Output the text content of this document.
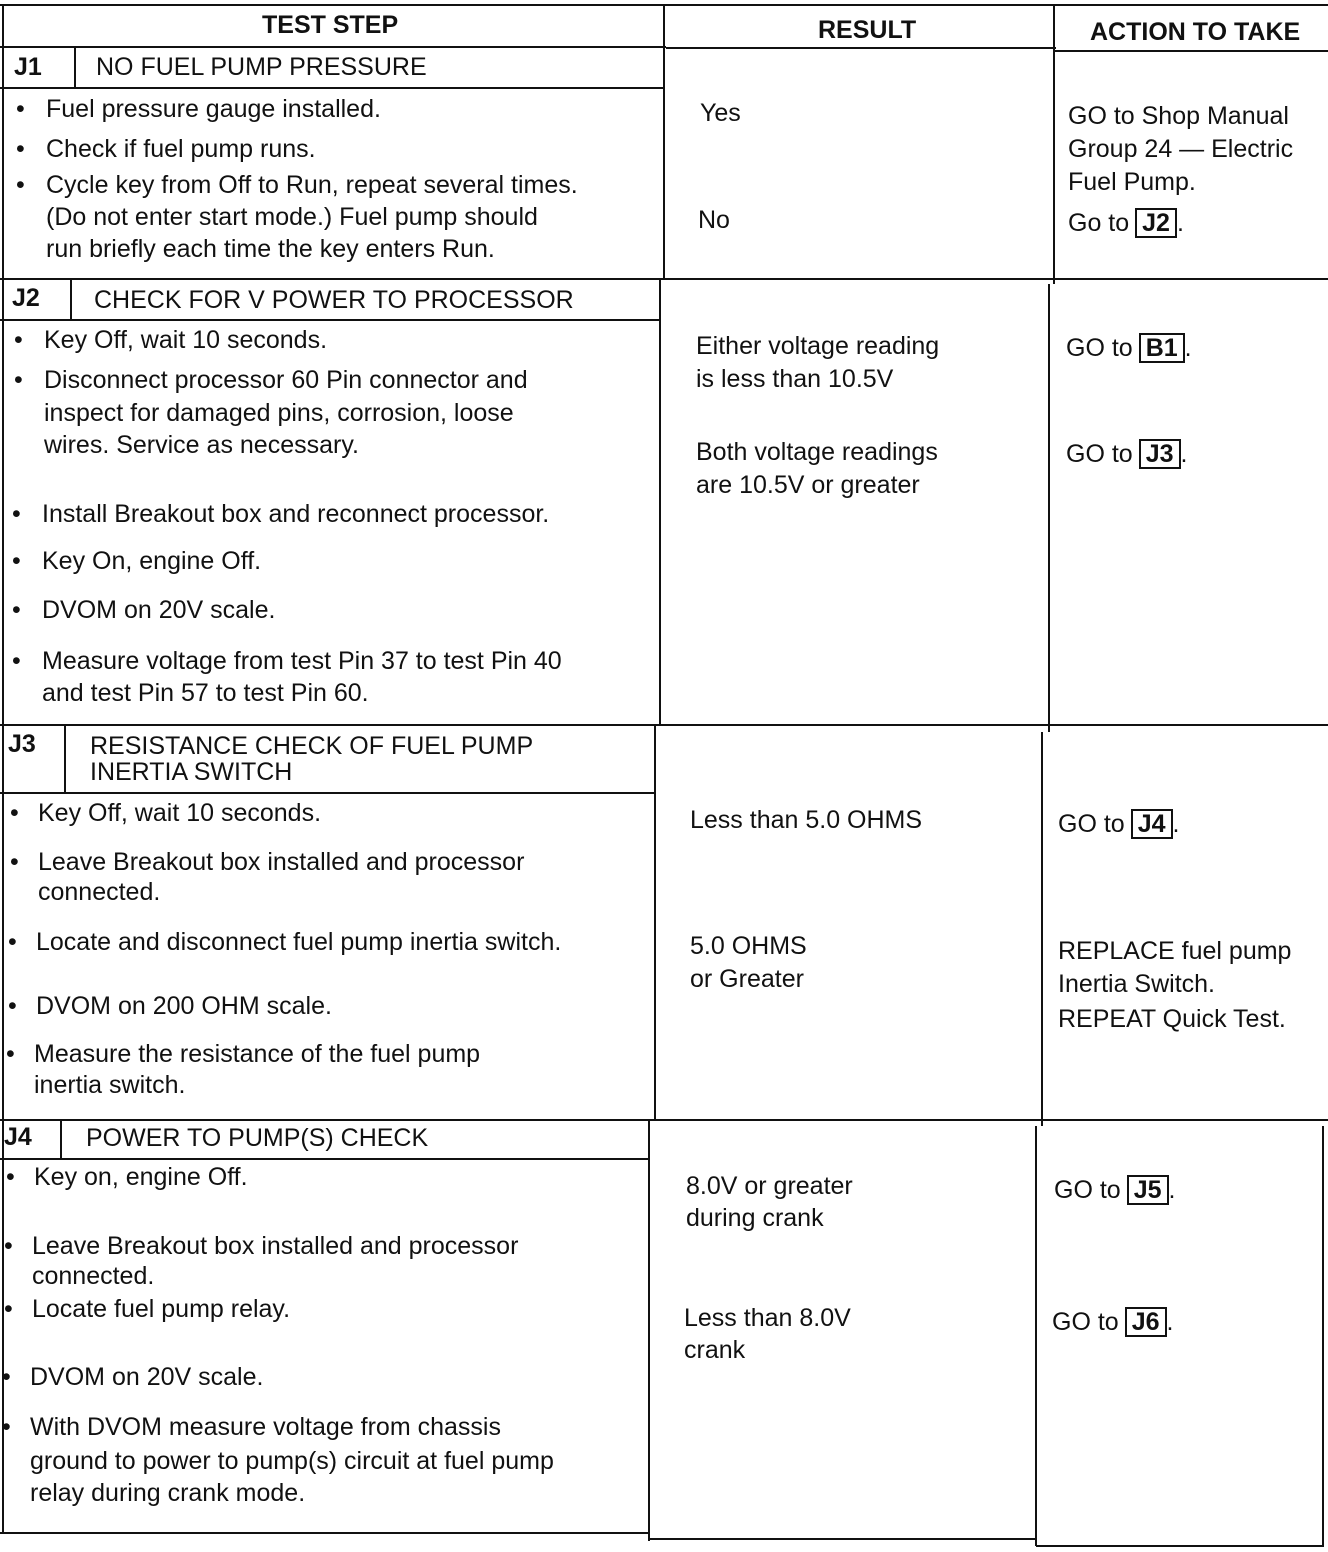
TEST STEP	RESULT	ACTION TO TAKE
J1 NO FUEL PUMP PRESSURE
• Fuel pressure gauge installed.
• Check if fuel pump runs.
• Cycle key from Off to Run, repeat several times.
(Do not enter start mode.) Fuel pump should
run briefly each time the key enters Run.
Yes
No
GO to Shop Manual
Group 24 — Electric
Fuel Pump.
Go to J2 .
J2 CHECK FOR V POWER TO PROCESSOR
• Key Off, wait 10 seconds.
• Disconnect processor 60 Pin connector and
inspect for damaged pins, corrosion, loose
wires. Service as necessary.
• Install Breakout box and reconnect processor.
• Key On, engine Off.
• DVOM on 20V scale.
• Measure voltage from test Pin 37 to test Pin 40
and test Pin 57 to test Pin 60.
Either voltage reading
is less than 10.5V
Both voltage readings
are 10.5V or greater
GO to B1 .
GO to J3 .
J3 RESISTANCE CHECK OF FUEL PUMP
INERTIA SWITCH
• Key Off, wait 10 seconds.
• Leave Breakout box installed and processor
connected.
• Locate and disconnect fuel pump inertia switch.
• DVOM on 200 OHM scale.
• Measure the resistance of the fuel pump
inertia switch.
Less than 5.0 OHMS
5.0 OHMS
or Greater
GO to J4 .
REPLACE fuel pump
Inertia Switch.
REPEAT Quick Test.
J4 POWER TO PUMP(S) CHECK
• Key on, engine Off.
• Leave Breakout box installed and processor
connected.
• Locate fuel pump relay.
• DVOM on 20V scale.
• With DVOM measure voltage from chassis
ground to power to pump(s) circuit at fuel pump
relay during crank mode.
8.0V or greater
during crank
Less than 8.0V
crank
GO to J5 .
GO to J6 .
